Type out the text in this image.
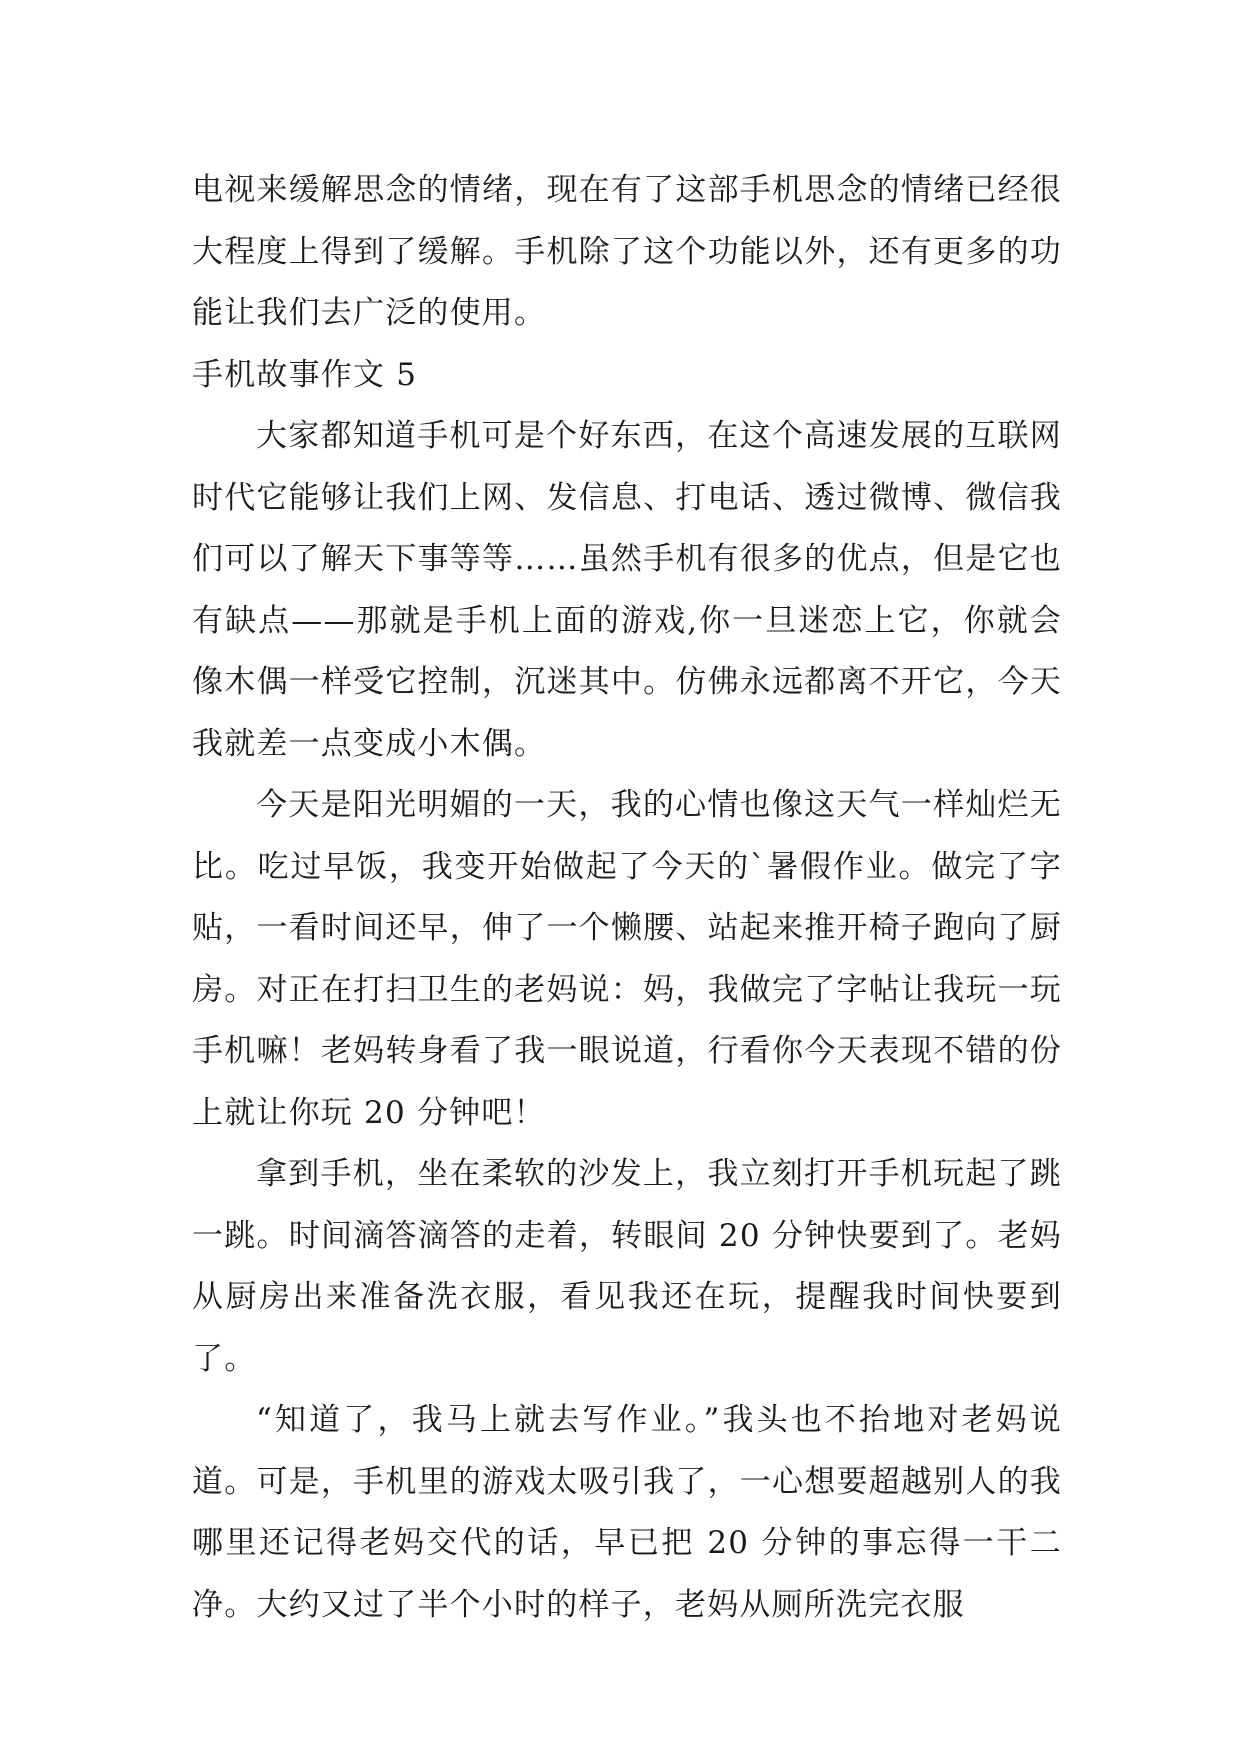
电视来缓解思念的情绪，现在有了这部手机思念的情绪已经很大程度上得到了缓解。手机除了这个功能以外，还有更多的功能让我们去广泛的使用。

手机故事作文 5

大家都知道手机可是个好东西，在这个高速发展的互联网时代它能够让我们上网、发信息、打电话、透过微博、微信我们可以了解天下事等等……虽然手机有很多的优点，但是它也有缺点——那就是手机上面的游戏,你一旦迷恋上它，你就会像木偶一样受它控制，沉迷其中。仿佛永远都离不开它，今天我就差一点变成小木偶。

今天是阳光明媚的一天，我的心情也像这天气一样灿烂无比。吃过早饭，我变开始做起了今天的`暑假作业。做完了字贴，一看时间还早，伸了一个懒腰、站起来推开椅子跑向了厨房。对正在打扫卫生的老妈说：妈，我做完了字帖让我玩一玩手机嘛！老妈转身看了我一眼说道，行看你今天表现不错的份上就让你玩 20 分钟吧！

拿到手机，坐在柔软的沙发上，我立刻打开手机玩起了跳一跳。时间滴答滴答的走着，转眼间 20 分钟快要到了。老妈从厨房出来准备洗衣服，看见我还在玩，提醒我时间快要到了。

“知道了，我马上就去写作业。”我头也不抬地对老妈说道。可是，手机里的游戏太吸引我了，一心想要超越别人的我哪里还记得老妈交代的话，早已把 20 分钟的事忘得一干二净。大约又过了半个小时的样子，老妈从厕所洗完衣服
